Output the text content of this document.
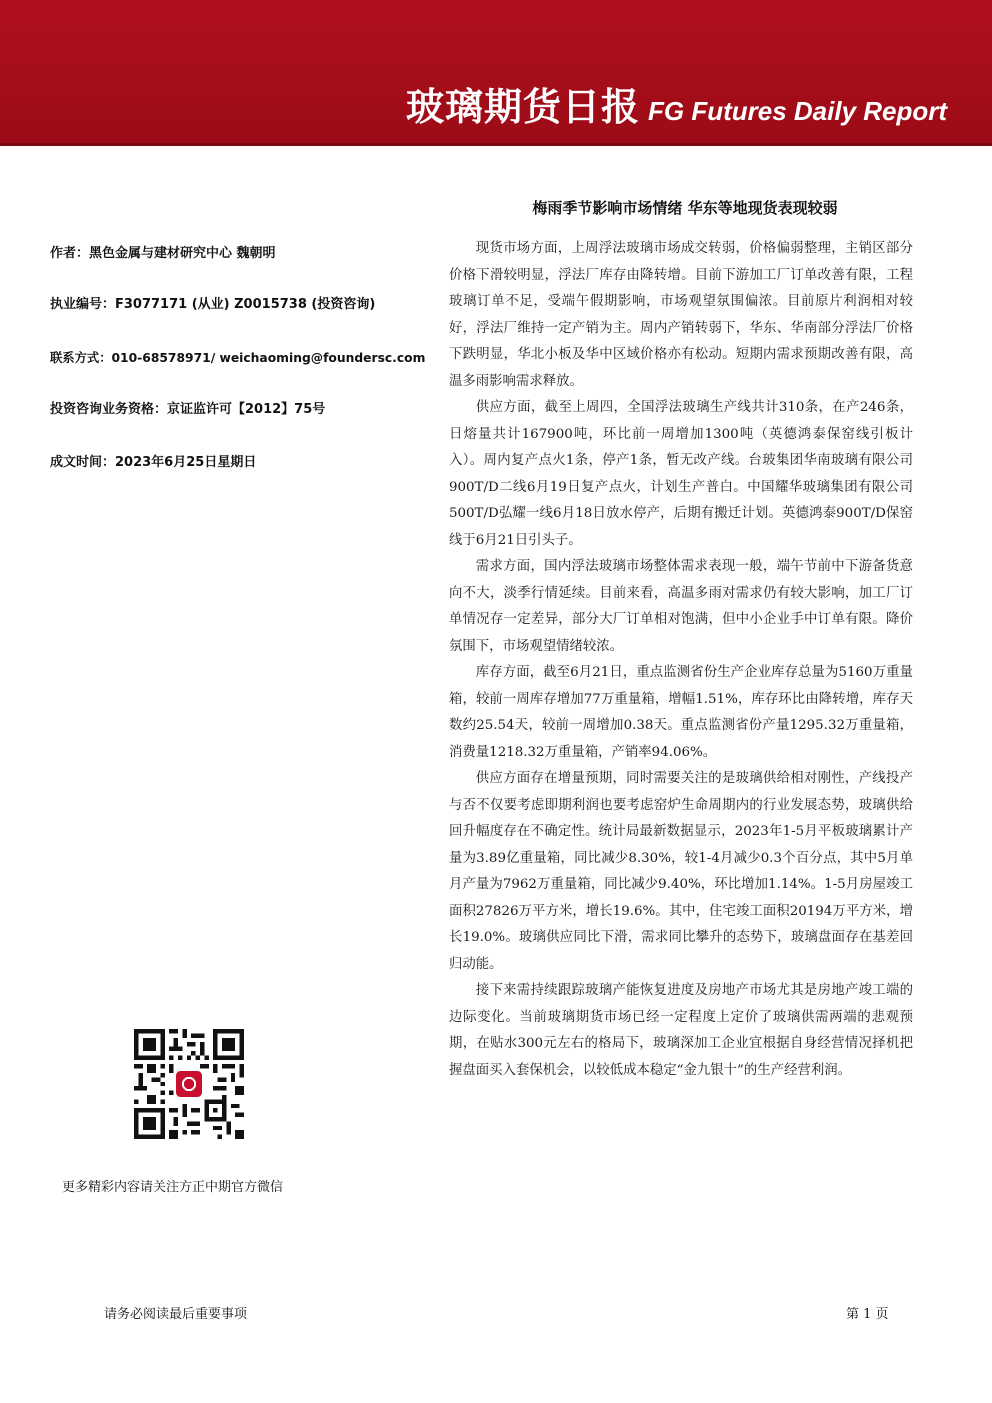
玻璃期货日报 FG Futures Daily Report
梅雨季节影响市场情绪 华东等地现货表现较弱
作者：黑色金属与建材研究中心 魏朝明
执业编号：F3077171 (从业) Z0015738 (投资咨询)
联系方式：010-68578971/ weichaoming@foundersc.com
投资咨询业务资格：京证监许可【2012】75号
成文时间：2023年6月25日星期日

现货市场方面，上周浮法玻璃市场成交转弱，价格偏弱整理，主销区部分价格下滑较明显，浮法厂库存由降转增。目前下游加工厂订单改善有限，工程玻璃订单不足，受端午假期影响，市场观望氛围偏浓。目前原片利润相对较好，浮法厂维持一定产销为主。周内产销转弱下，华东、华南部分浮法厂价格下跌明显，华北小板及华中区域价格亦有松动。短期内需求预期改善有限，高温多雨影响需求释放。

供应方面，截至上周四，全国浮法玻璃生产线共计310条，在产246条，日熔量共计167900吨，环比前一周增加1300吨（英德鸿泰保窑线引板计入）。周内复产点火1条，停产1条，暂无改产线。台玻集团华南玻璃有限公司900T/D二线6月19日复产点火，计划生产普白。中国耀华玻璃集团有限公司500T/D弘耀一线6月18日放水停产，后期有搬迁计划。英德鸿泰900T/D保窑线于6月21日引头子。

需求方面，国内浮法玻璃市场整体需求表现一般，端午节前中下游备货意向不大，淡季行情延续。目前来看，高温多雨对需求仍有较大影响，加工厂订单情况存一定差异，部分大厂订单相对饱满，但中小企业手中订单有限。降价氛围下，市场观望情绪较浓。

库存方面，截至6月21日，重点监测省份生产企业库存总量为5160万重量箱，较前一周库存增加77万重量箱，增幅1.51%，库存环比由降转增，库存天数约25.54天，较前一周增加0.38天。重点监测省份产量1295.32万重量箱，消费量1218.32万重量箱，产销率94.06%。

供应方面存在增量预期，同时需要关注的是玻璃供给相对刚性，产线投产与否不仅要考虑即期利润也要考虑窑炉生命周期内的行业发展态势，玻璃供给回升幅度存在不确定性。统计局最新数据显示，2023年1-5月平板玻璃累计产量为3.89亿重量箱，同比减少8.30%，较1-4月减少0.3个百分点，其中5月单月产量为7962万重量箱，同比减少9.40%，环比增加1.14%。1-5月房屋竣工面积27826万平方米，增长19.6%。其中，住宅竣工面积20194万平方米，增长19.0%。玻璃供应同比下滑，需求同比攀升的态势下，玻璃盘面存在基差回归动能。

接下来需持续跟踪玻璃产能恢复进度及房地产市场尤其是房地产竣工端的边际变化。当前玻璃期货市场已经一定程度上定价了玻璃供需两端的悲观预期，在贴水300元左右的格局下，玻璃深加工企业宜根据自身经营情况择机把握盘面买入套保机会，以较低成本稳定“金九银十”的生产经营利润。

更多精彩内容请关注方正中期官方微信
请务必阅读最后重要事项	第 1 页
